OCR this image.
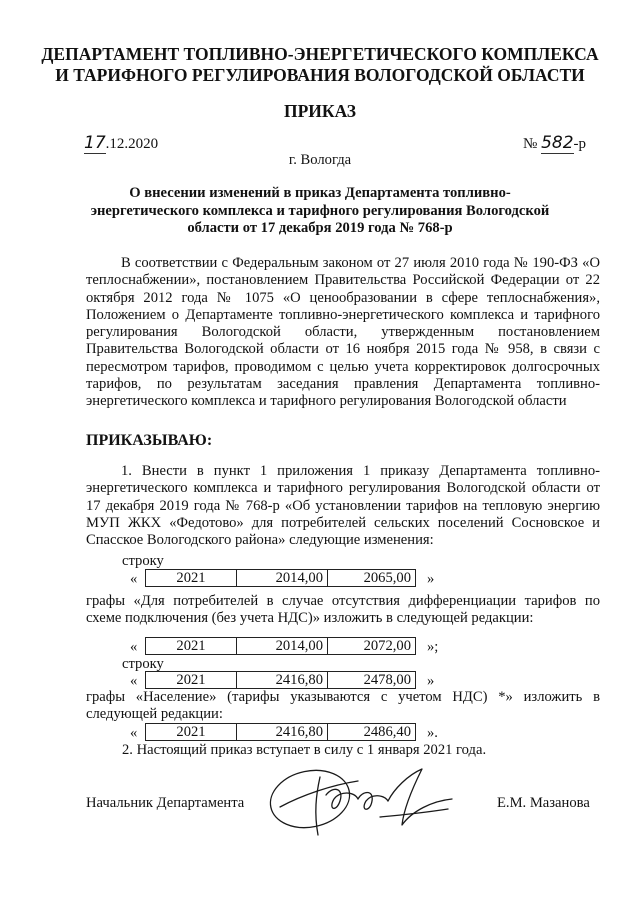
ДЕПАРТАМЕНТ ТОПЛИВНО-ЭНЕРГЕТИЧЕСКОГО КОМПЛЕКСА
И ТАРИФНОГО РЕГУЛИРОВАНИЯ ВОЛОГОДСКОЙ ОБЛАСТИ
ПРИКАЗ
17.12.2020	№ 582-р
г. Вологда
О внесении изменений в приказ Департамента топливно-
энергетического комплекса и тарифного регулирования Вологодской
области от 17 декабря 2019 года № 768-р
В соответствии с Федеральным законом от 27 июля 2010 года № 190-ФЗ «О теплоснабжении», постановлением Правительства Российской Федерации от 22 октября 2012 года № 1075 «О ценообразовании в сфере теплоснабжения», Положением о Департаменте топливно-энергетического комплекса и тарифного регулирования Вологодской области, утвержденным постановлением Правительства Вологодской области от 16 ноября 2015 года № 958, в связи с пересмотром тарифов, проводимом с целью учета корректировок долгосрочных тарифов, по результатам заседания правления Департамента топливно-энергетического комплекса и тарифного регулирования Вологодской области
ПРИКАЗЫВАЮ:
1. Внести в пункт 1 приложения 1 приказу Департамента топливно-энергетического комплекса и тарифного регулирования Вологодской области от 17 декабря 2019 года № 768-р «Об установлении тарифов на тепловую энергию МУП ЖКХ «Федотово» для потребителей сельских поселений Сосновское и Спасское Вологодского района» следующие изменения:
строку
«	2021	2014,00	2065,00 »
графы «Для потребителей в случае отсутствия дифференциации тарифов по схеме подключения (без учета НДС)» изложить в следующей редакции:
«	2021	2014,00	2072,00 »;
строку
«	2021	2416,80	2478,00 »
графы «Население» (тарифы указываются с учетом НДС) *» изложить в следующей редакции:
«	2021	2416,80	2486,40 ».
2. Настоящий приказ вступает в силу с 1 января 2021 года.
Начальник Департамента	Е.М. Мазанова
